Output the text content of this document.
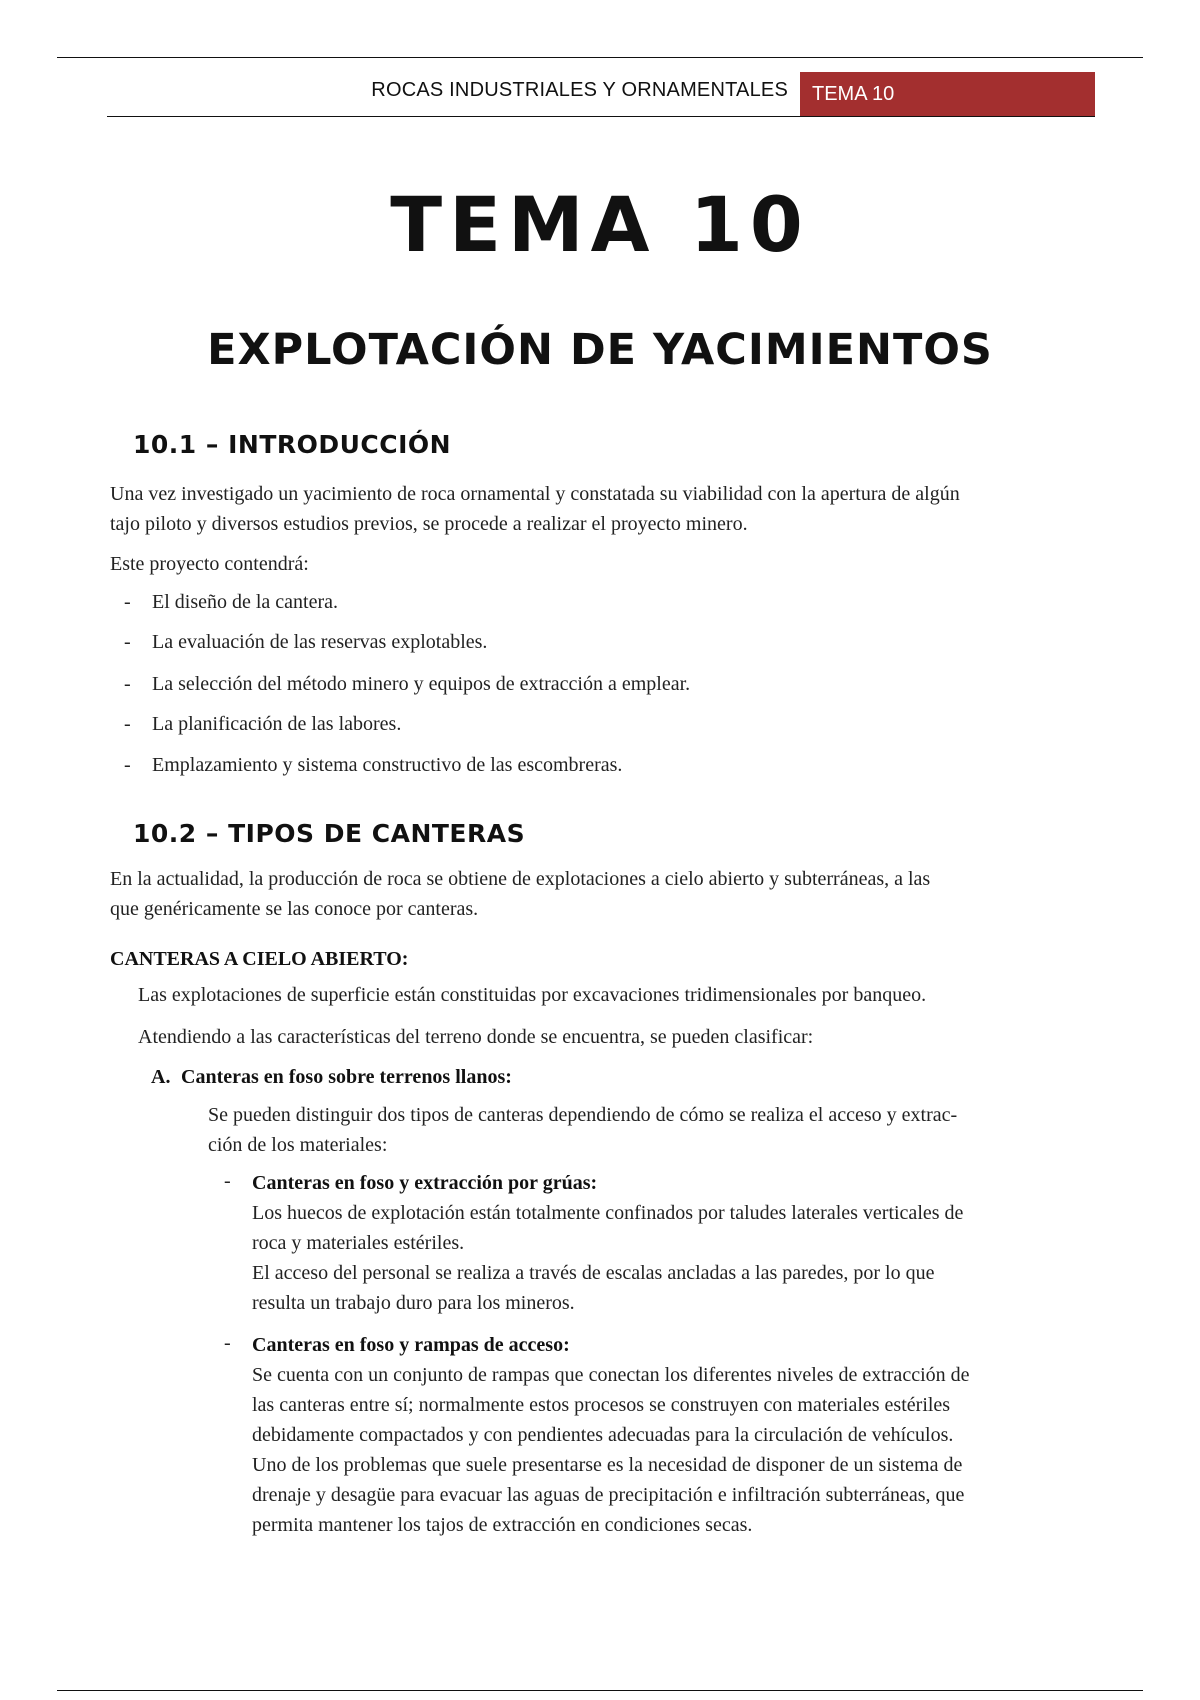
ROCAS INDUSTRIALES Y ORNAMENTALES	TEMA 10
TEMA 10
EXPLOTACIÓN DE YACIMIENTOS
10.1 – INTRODUCCIÓN

Una vez investigado un yacimiento de roca ornamental y constatada su viabilidad con la apertura de algún

tajo piloto y diversos estudios previos, se procede a realizar el proyecto minero.

Este proyecto contendrá:

- El diseño de la cantera.

- La evaluación de las reservas explotables.

- La selección del método minero y equipos de extracción a emplear.

- La planificación de las labores.

- Emplazamiento y sistema constructivo de las escombreras.

10.2 – TIPOS DE CANTERAS

En la actualidad, la producción de roca se obtiene de explotaciones a cielo abierto y subterráneas, a las

que genéricamente se las conoce por canteras.

CANTERAS A CIELO ABIERTO:

Las explotaciones de superficie están constituidas por excavaciones tridimensionales por banqueo.

Atendiendo a las características del terreno donde se encuentra, se pueden clasificar:

A. Canteras en foso sobre terrenos llanos:

Se pueden distinguir dos tipos de canteras dependiendo de cómo se realiza el acceso y extrac-

ción de los materiales:

- Canteras en foso y extracción por grúas:

Los huecos de explotación están totalmente confinados por taludes laterales verticales de

roca y materiales estériles.

El acceso del personal se realiza a través de escalas ancladas a las paredes, por lo que

resulta un trabajo duro para los mineros.

- Canteras en foso y rampas de acceso:

Se cuenta con un conjunto de rampas que conectan los diferentes niveles de extracción de

las canteras entre sí; normalmente estos procesos se construyen con materiales estériles

debidamente compactados y con pendientes adecuadas para la circulación de vehículos.

Uno de los problemas que suele presentarse es la necesidad de disponer de un sistema de

drenaje y desagüe para evacuar las aguas de precipitación e infiltración subterráneas, que

permita mantener los tajos de extracción en condiciones secas.
